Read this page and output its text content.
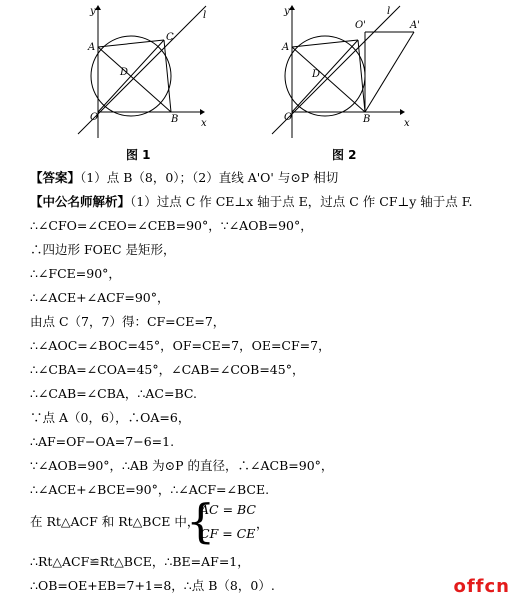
y
x
l
A
C
D
O	B
图 1
y
x
l
A
O'	A'
D
O	B
图 2
【答案】（1）点 B（8，0）；（2）直线 A'O' 与⊙P 相切
【中公名师解析】（1）过点 C 作 CE⊥x 轴于点 E，过点 C 作 CF⊥y 轴于点 F.
∴∠CFO=∠CEO=∠CEB=90°，∵∠AOB=90°，
∴四边形 FOEC 是矩形，
∴∠FCE=90°，
∴∠ACE+∠ACF=90°，
由点 C（7，7）得：CF=CE=7，
∴∠AOC=∠BOC=45°，OF=CE=7，OE=CF=7，
∴∠CBA=∠COA=45°，∠CAB=∠COB=45°，
∴∠CAB=∠CBA，∴AC=BC.
∵点 A（0，6），∴OA=6，
∴AF=OF−OA=7−6=1.
∵∠AOB=90°，∴AB 为⊙P 的直径，∴∠ACB=90°，
∴∠ACE+∠BCE=90°，∴∠ACF=∠BCE.
在 Rt△ACF 和 Rt△BCE 中，
{
AC = BC
CF = CE
，
∴Rt△ACF≌Rt△BCE，∴BE=AF=1，
∴OB=OE+EB=7+1=8，∴点 B（8，0）.	offcn
